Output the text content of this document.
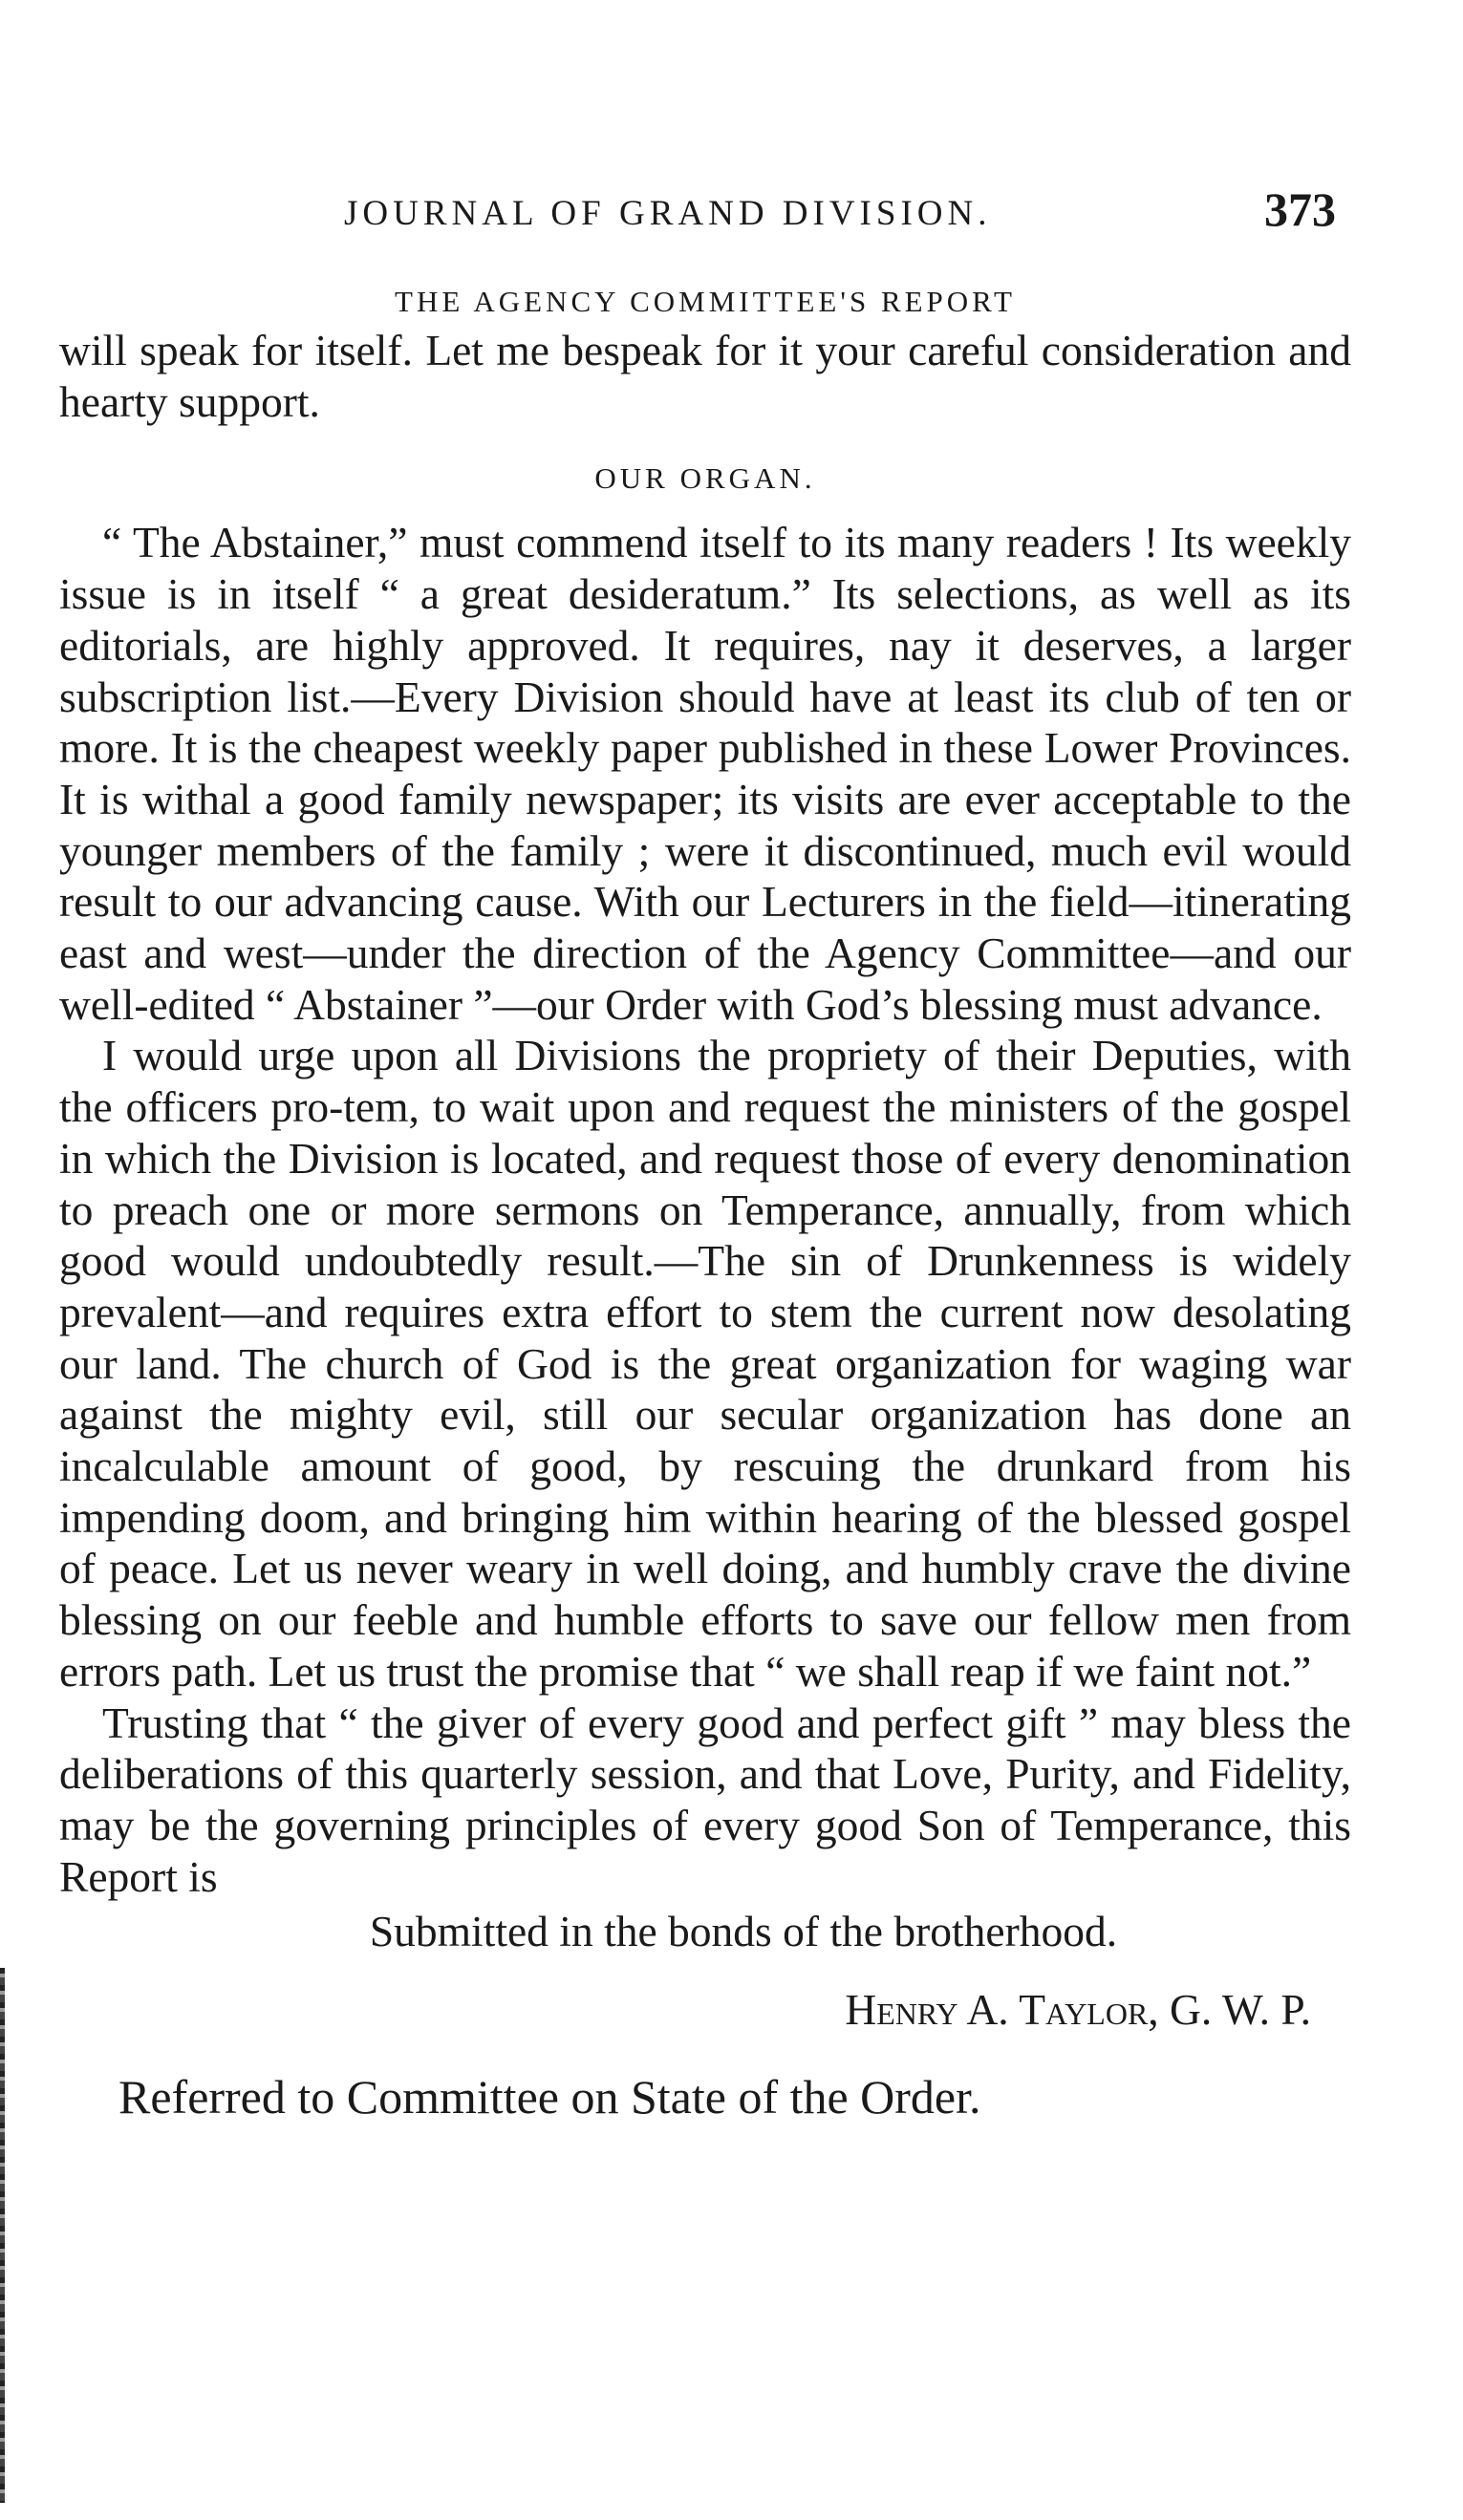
JOURNAL OF GRAND DIVISION.	373
THE AGENCY COMMITTEE'S REPORT

will speak for itself. Let me bespeak for it your careful consideration and hearty support.

OUR ORGAN.

“ The Abstainer,” must commend itself to its many readers ! Its weekly issue is in itself “ a great desideratum.” Its selections, as well as its editorials, are highly approved. It requires, nay it deserves, a larger subscription list.—Every Division should have at least its club of ten or more. It is the cheapest weekly paper published in these Lower Provinces. It is withal a good family newspaper; its visits are ever acceptable to the younger members of the family ; were it discontinued, much evil would result to our advancing cause. With our Lecturers in the field—itinerating east and west—under the direction of the Agency Committee—and our well-edited “ Abstainer ”—our Order with God’s blessing must advance.

I would urge upon all Divisions the propriety of their Deputies, with the officers pro-tem, to wait upon and request the ministers of the gospel in which the Division is located, and request those of every denomination to preach one or more sermons on Temperance, annually, from which good would undoubtedly result.—The sin of Drunkenness is widely prevalent—and requires extra effort to stem the current now desolating our land. The church of God is the great organization for waging war against the mighty evil, still our secular organization has done an incalculable amount of good, by rescuing the drunkard from his impending doom, and bringing him within hearing of the blessed gospel of peace. Let us never weary in well doing, and humbly crave the divine blessing on our feeble and humble efforts to save our fellow men from errors path. Let us trust the promise that “ we shall reap if we faint not.”

Trusting that “ the giver of every good and perfect gift ” may bless the deliberations of this quarterly session, and that Love, Purity, and Fidelity, may be the governing principles of every good Son of Temperance, this Report is

Submitted in the bonds of the brotherhood.
Henry A. Taylor, G. W. P.
Referred to Committee on State of the Order.
